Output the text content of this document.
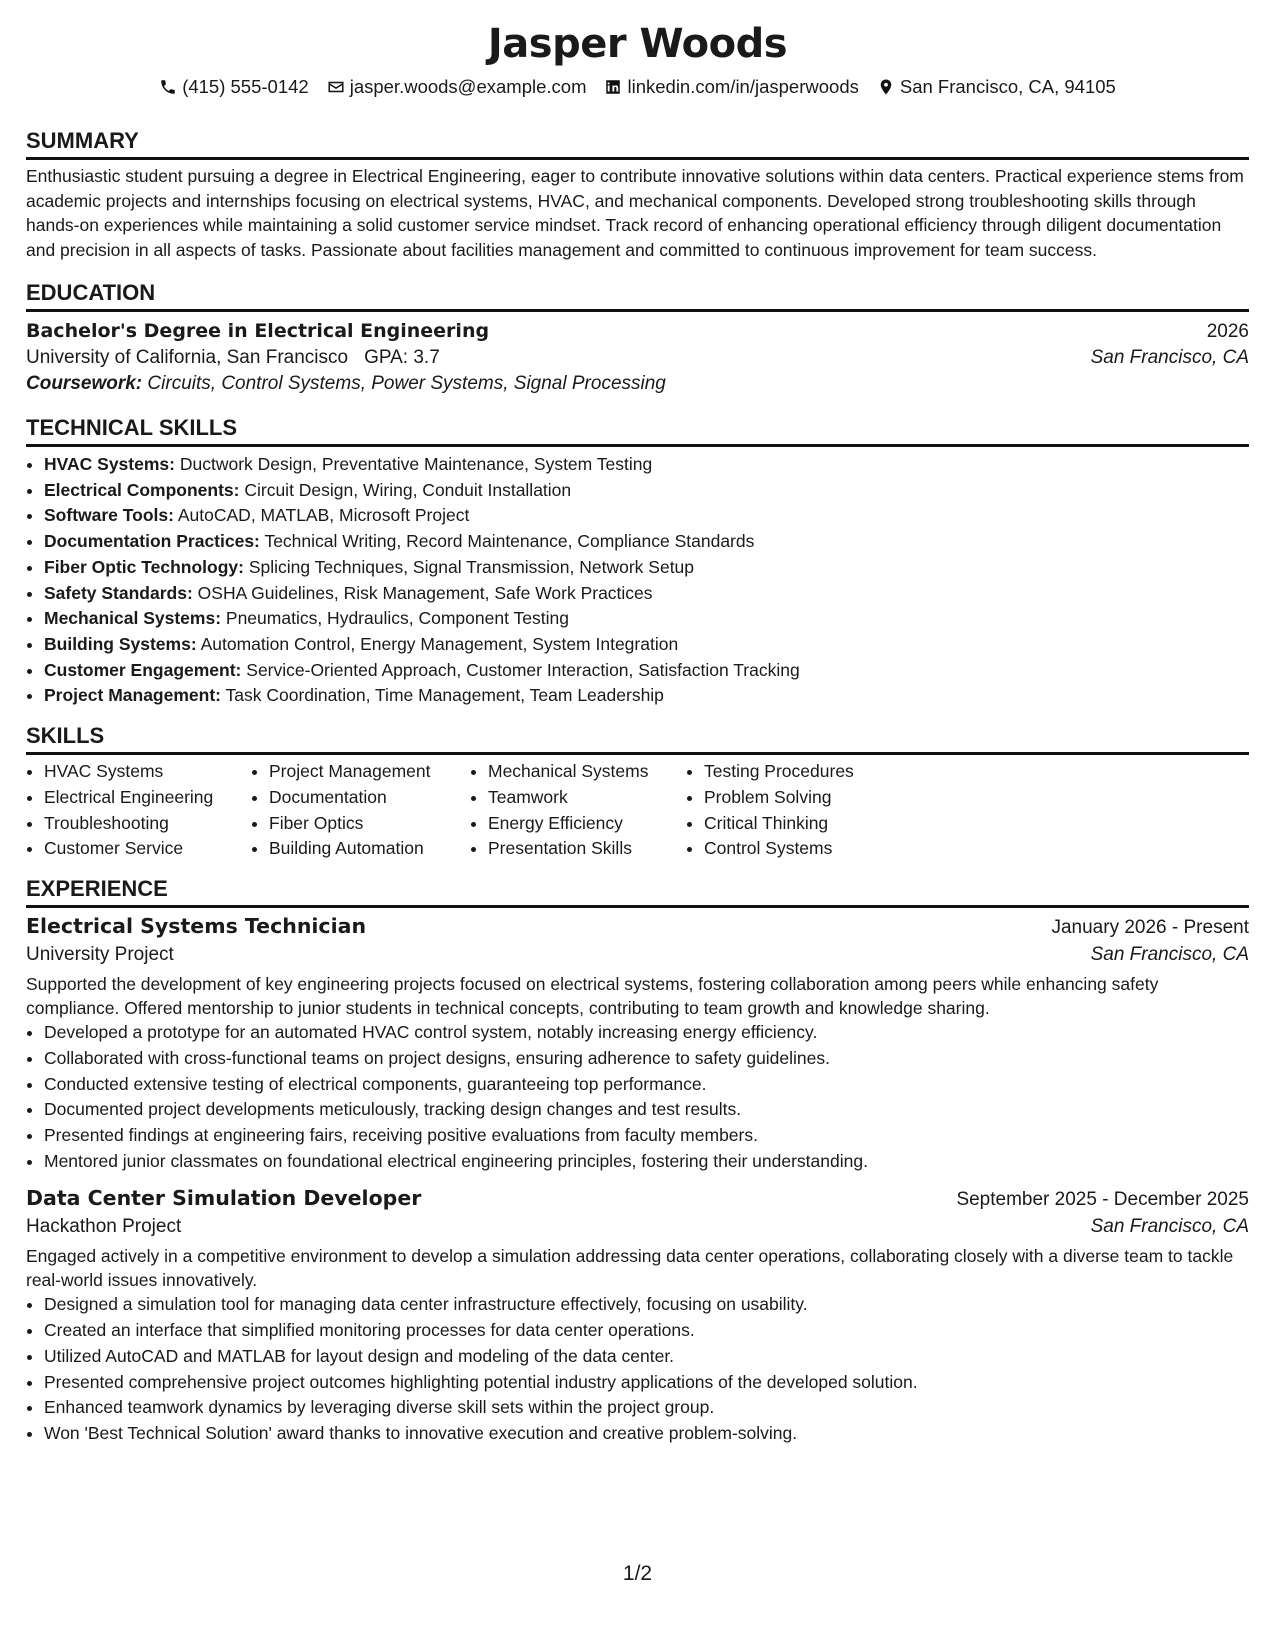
Jasper Woods
(415) 555-0142 jasper.woods@example.com linkedin.com/in/jasperwoods San Francisco, CA, 94105
SUMMARY

Enthusiastic student pursuing a degree in Electrical Engineering, eager to contribute innovative solutions within data centers. Practical experience stems from academic projects and internships focusing on electrical systems, HVAC, and mechanical components. Developed strong troubleshooting skills through hands-on experiences while maintaining a solid customer service mindset. Track record of enhancing operational efficiency through diligent documentation and precision in all aspects of tasks. Passionate about facilities management and committed to continuous improvement for team success.

EDUCATION
Bachelor's Degree in Electrical Engineering	2026
University of California, San Francisco GPA: 3.7	San Francisco, CA
Coursework: Circuits, Control Systems, Power Systems, Signal Processing
TECHNICAL SKILLS
• HVAC Systems: Ductwork Design, Preventative Maintenance, System Testing
• Electrical Components: Circuit Design, Wiring, Conduit Installation
• Software Tools: AutoCAD, MATLAB, Microsoft Project
• Documentation Practices: Technical Writing, Record Maintenance, Compliance Standards
• Fiber Optic Technology: Splicing Techniques, Signal Transmission, Network Setup
• Safety Standards: OSHA Guidelines, Risk Management, Safe Work Practices
• Mechanical Systems: Pneumatics, Hydraulics, Component Testing
• Building Systems: Automation Control, Energy Management, System Integration
• Customer Engagement: Service-Oriented Approach, Customer Interaction, Satisfaction Tracking
• Project Management: Task Coordination, Time Management, Team Leadership
SKILLS
• HVAC Systems
• Electrical Engineering
• Troubleshooting
• Customer Service
• Project Management
• Documentation
• Fiber Optics
• Building Automation
• Mechanical Systems
• Teamwork
• Energy Efficiency
• Presentation Skills
• Testing Procedures
• Problem Solving
• Critical Thinking
• Control Systems
EXPERIENCE
Electrical Systems Technician	January 2026 - Present
University Project	San Francisco, CA

Supported the development of key engineering projects focused on electrical systems, fostering collaboration among peers while enhancing safety compliance. Offered mentorship to junior students in technical concepts, contributing to team growth and knowledge sharing.

• Developed a prototype for an automated HVAC control system, notably increasing energy efficiency.
• Collaborated with cross-functional teams on project designs, ensuring adherence to safety guidelines.
• Conducted extensive testing of electrical components, guaranteeing top performance.
• Documented project developments meticulously, tracking design changes and test results.
• Presented findings at engineering fairs, receiving positive evaluations from faculty members.
• Mentored junior classmates on foundational electrical engineering principles, fostering their understanding.
Data Center Simulation Developer	September 2025 - December 2025
Hackathon Project	San Francisco, CA

Engaged actively in a competitive environment to develop a simulation addressing data center operations, collaborating closely with a diverse team to tackle real-world issues innovatively.

• Designed a simulation tool for managing data center infrastructure effectively, focusing on usability.
• Created an interface that simplified monitoring processes for data center operations.
• Utilized AutoCAD and MATLAB for layout design and modeling of the data center.
• Presented comprehensive project outcomes highlighting potential industry applications of the developed solution.
• Enhanced teamwork dynamics by leveraging diverse skill sets within the project group.
• Won 'Best Technical Solution' award thanks to innovative execution and creative problem-solving.
1/2
